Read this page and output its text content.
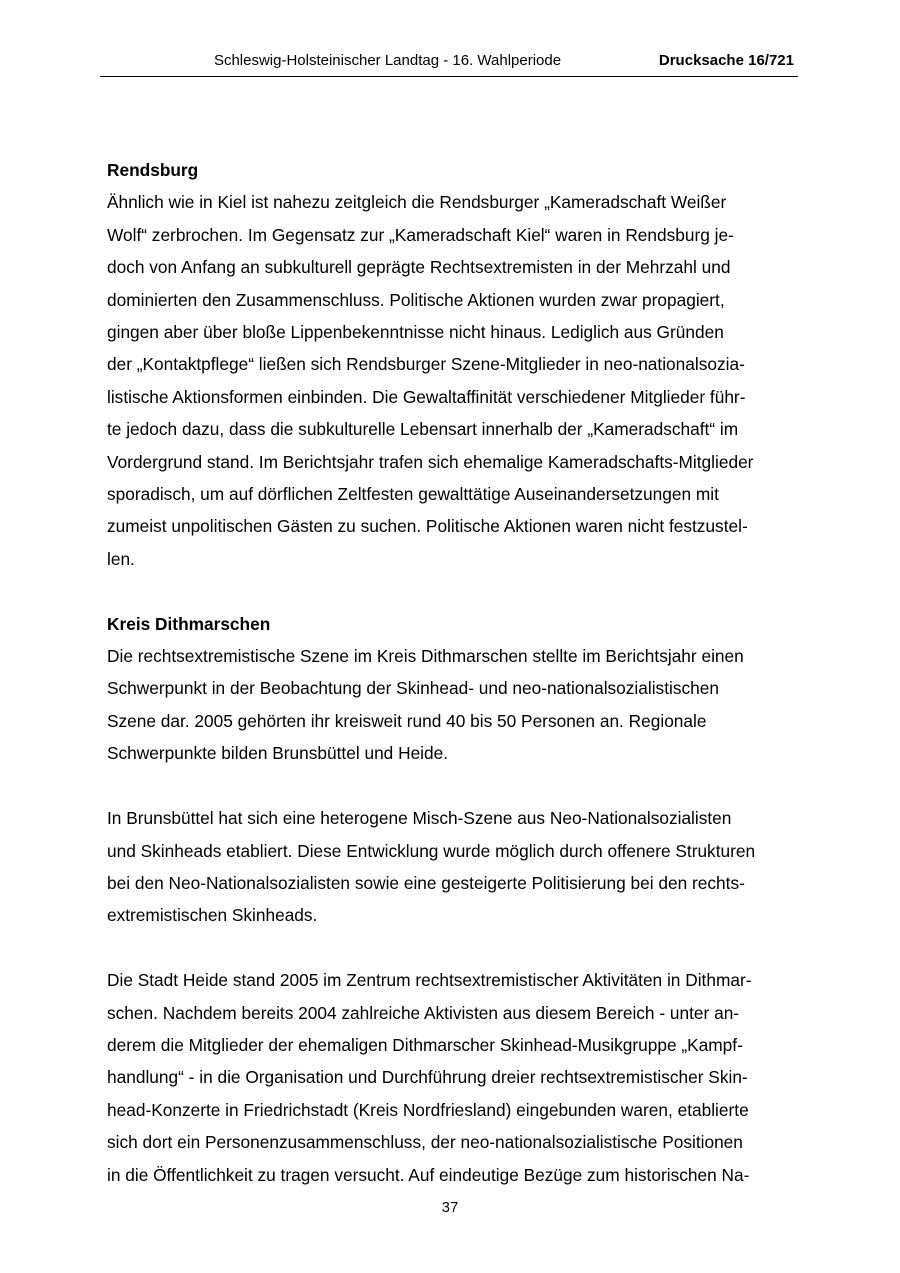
Schleswig-Holsteinischer Landtag - 16. Wahlperiode	Drucksache 16/721
Rendsburg
Ähnlich wie in Kiel ist nahezu zeitgleich die Rendsburger „Kameradschaft Weißer
Wolf“ zerbrochen. Im Gegensatz zur „Kameradschaft Kiel“ waren in Rendsburg je-
doch von Anfang an subkulturell geprägte Rechtsextremisten in der Mehrzahl und
dominierten den Zusammenschluss. Politische Aktionen wurden zwar propagiert,
gingen aber über bloße Lippenbekenntnisse nicht hinaus. Lediglich aus Gründen
der „Kontaktpflege“ ließen sich Rendsburger Szene-Mitglieder in neo-nationalsozia-
listische Aktionsformen einbinden. Die Gewaltaffinität verschiedener Mitglieder führ-
te jedoch dazu, dass die subkulturelle Lebensart innerhalb der „Kameradschaft“ im
Vordergrund stand. Im Berichtsjahr trafen sich ehemalige Kameradschafts-Mitglieder
sporadisch, um auf dörflichen Zeltfesten gewalttätige Auseinandersetzungen mit
zumeist unpolitischen Gästen zu suchen. Politische Aktionen waren nicht festzustel-
len.
Kreis Dithmarschen
Die rechtsextremistische Szene im Kreis Dithmarschen stellte im Berichtsjahr einen
Schwerpunkt in der Beobachtung der Skinhead- und neo-nationalsozialistischen
Szene dar. 2005 gehörten ihr kreisweit rund 40 bis 50 Personen an. Regionale
Schwerpunkte bilden Brunsbüttel und Heide.
In Brunsbüttel hat sich eine heterogene Misch-Szene aus Neo-Nationalsozialisten
und Skinheads etabliert. Diese Entwicklung wurde möglich durch offenere Strukturen
bei den Neo-Nationalsozialisten sowie eine gesteigerte Politisierung bei den rechts-
extremistischen Skinheads.
Die Stadt Heide stand 2005 im Zentrum rechtsextremistischer Aktivitäten in Dithmar-
schen. Nachdem bereits 2004 zahlreiche Aktivisten aus diesem Bereich - unter an-
derem die Mitglieder der ehemaligen Dithmarscher Skinhead-Musikgruppe „Kampf-
handlung“ - in die Organisation und Durchführung dreier rechtsextremistischer Skin-
head-Konzerte in Friedrichstadt (Kreis Nordfriesland) eingebunden waren, etablierte
sich dort ein Personenzusammenschluss, der neo-nationalsozialistische Positionen
in die Öffentlichkeit zu tragen versucht. Auf eindeutige Bezüge zum historischen Na-
37
